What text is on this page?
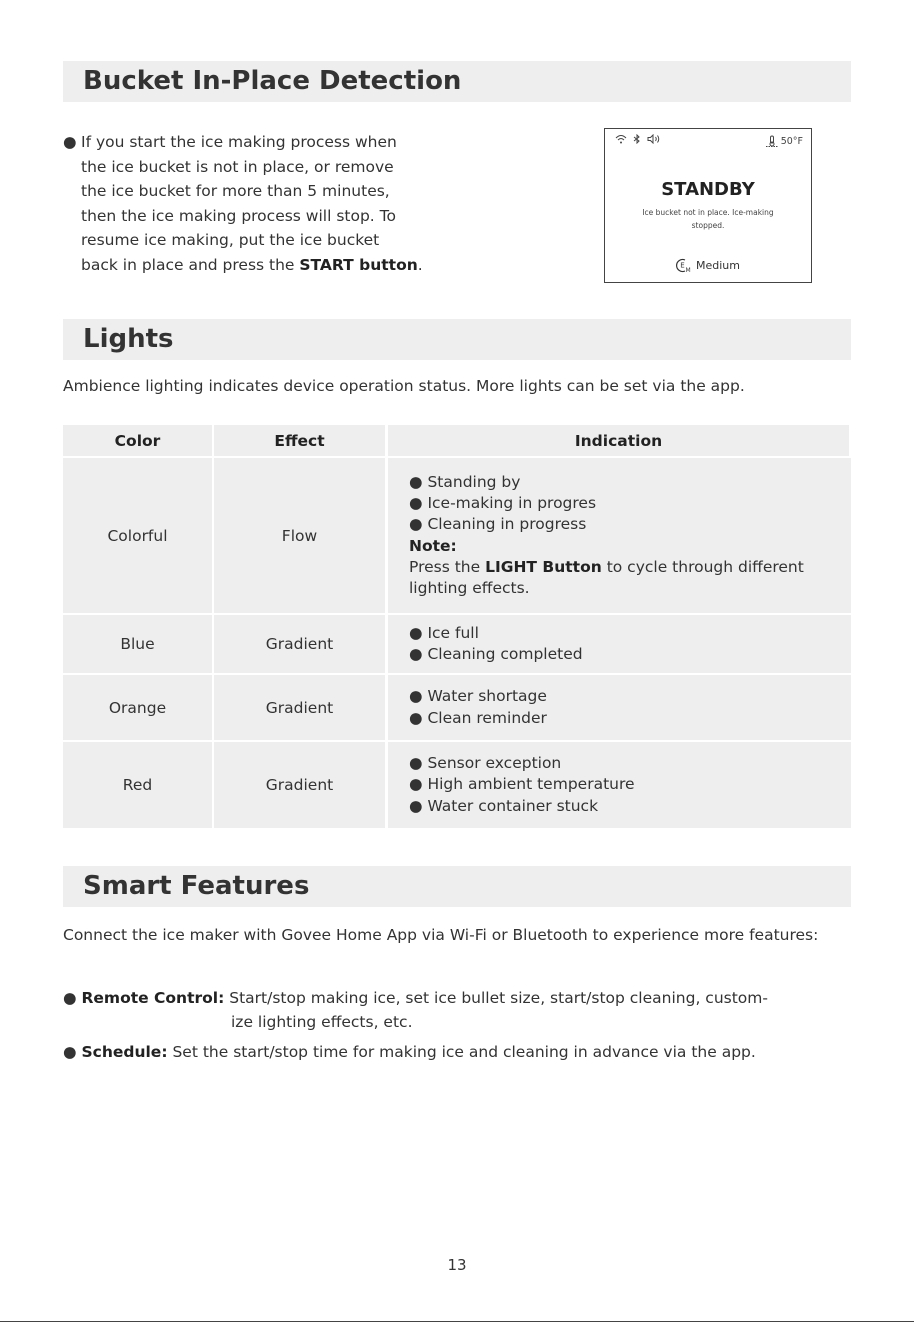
Bucket In-Place Detection
● If you start the ice making process when
the ice bucket is not in place, or remove
the ice bucket for more than 5 minutes,
then the ice making process will stop. To
resume ice making, put the ice bucket
back in place and press the START button.
50°F
STANDBY
Ice bucket not in place. Ice-making stopped.
E
M Medium
Lights
Ambience lighting indicates device operation status. More lights can be set via the app.
Color	Effect	Indication
Colorful	Flow
● Standing by
● Ice-making in progres
● Cleaning in progress
Note:
Press the LIGHT Button to cycle through different
lighting effects.
Blue	Gradient
● Ice full
● Cleaning completed
Orange	Gradient
● Water shortage
● Clean reminder
Red	Gradient
● Sensor exception
● High ambient temperature
● Water container stuck
Smart Features
Connect the ice maker with Govee Home App via Wi-Fi or Bluetooth to experience more features:
● Remote Control: Start/stop making ice, set ice bullet size, start/stop cleaning, custom-
ize lighting effects, etc.
● Schedule: Set the start/stop time for making ice and cleaning in advance via the app.
13
